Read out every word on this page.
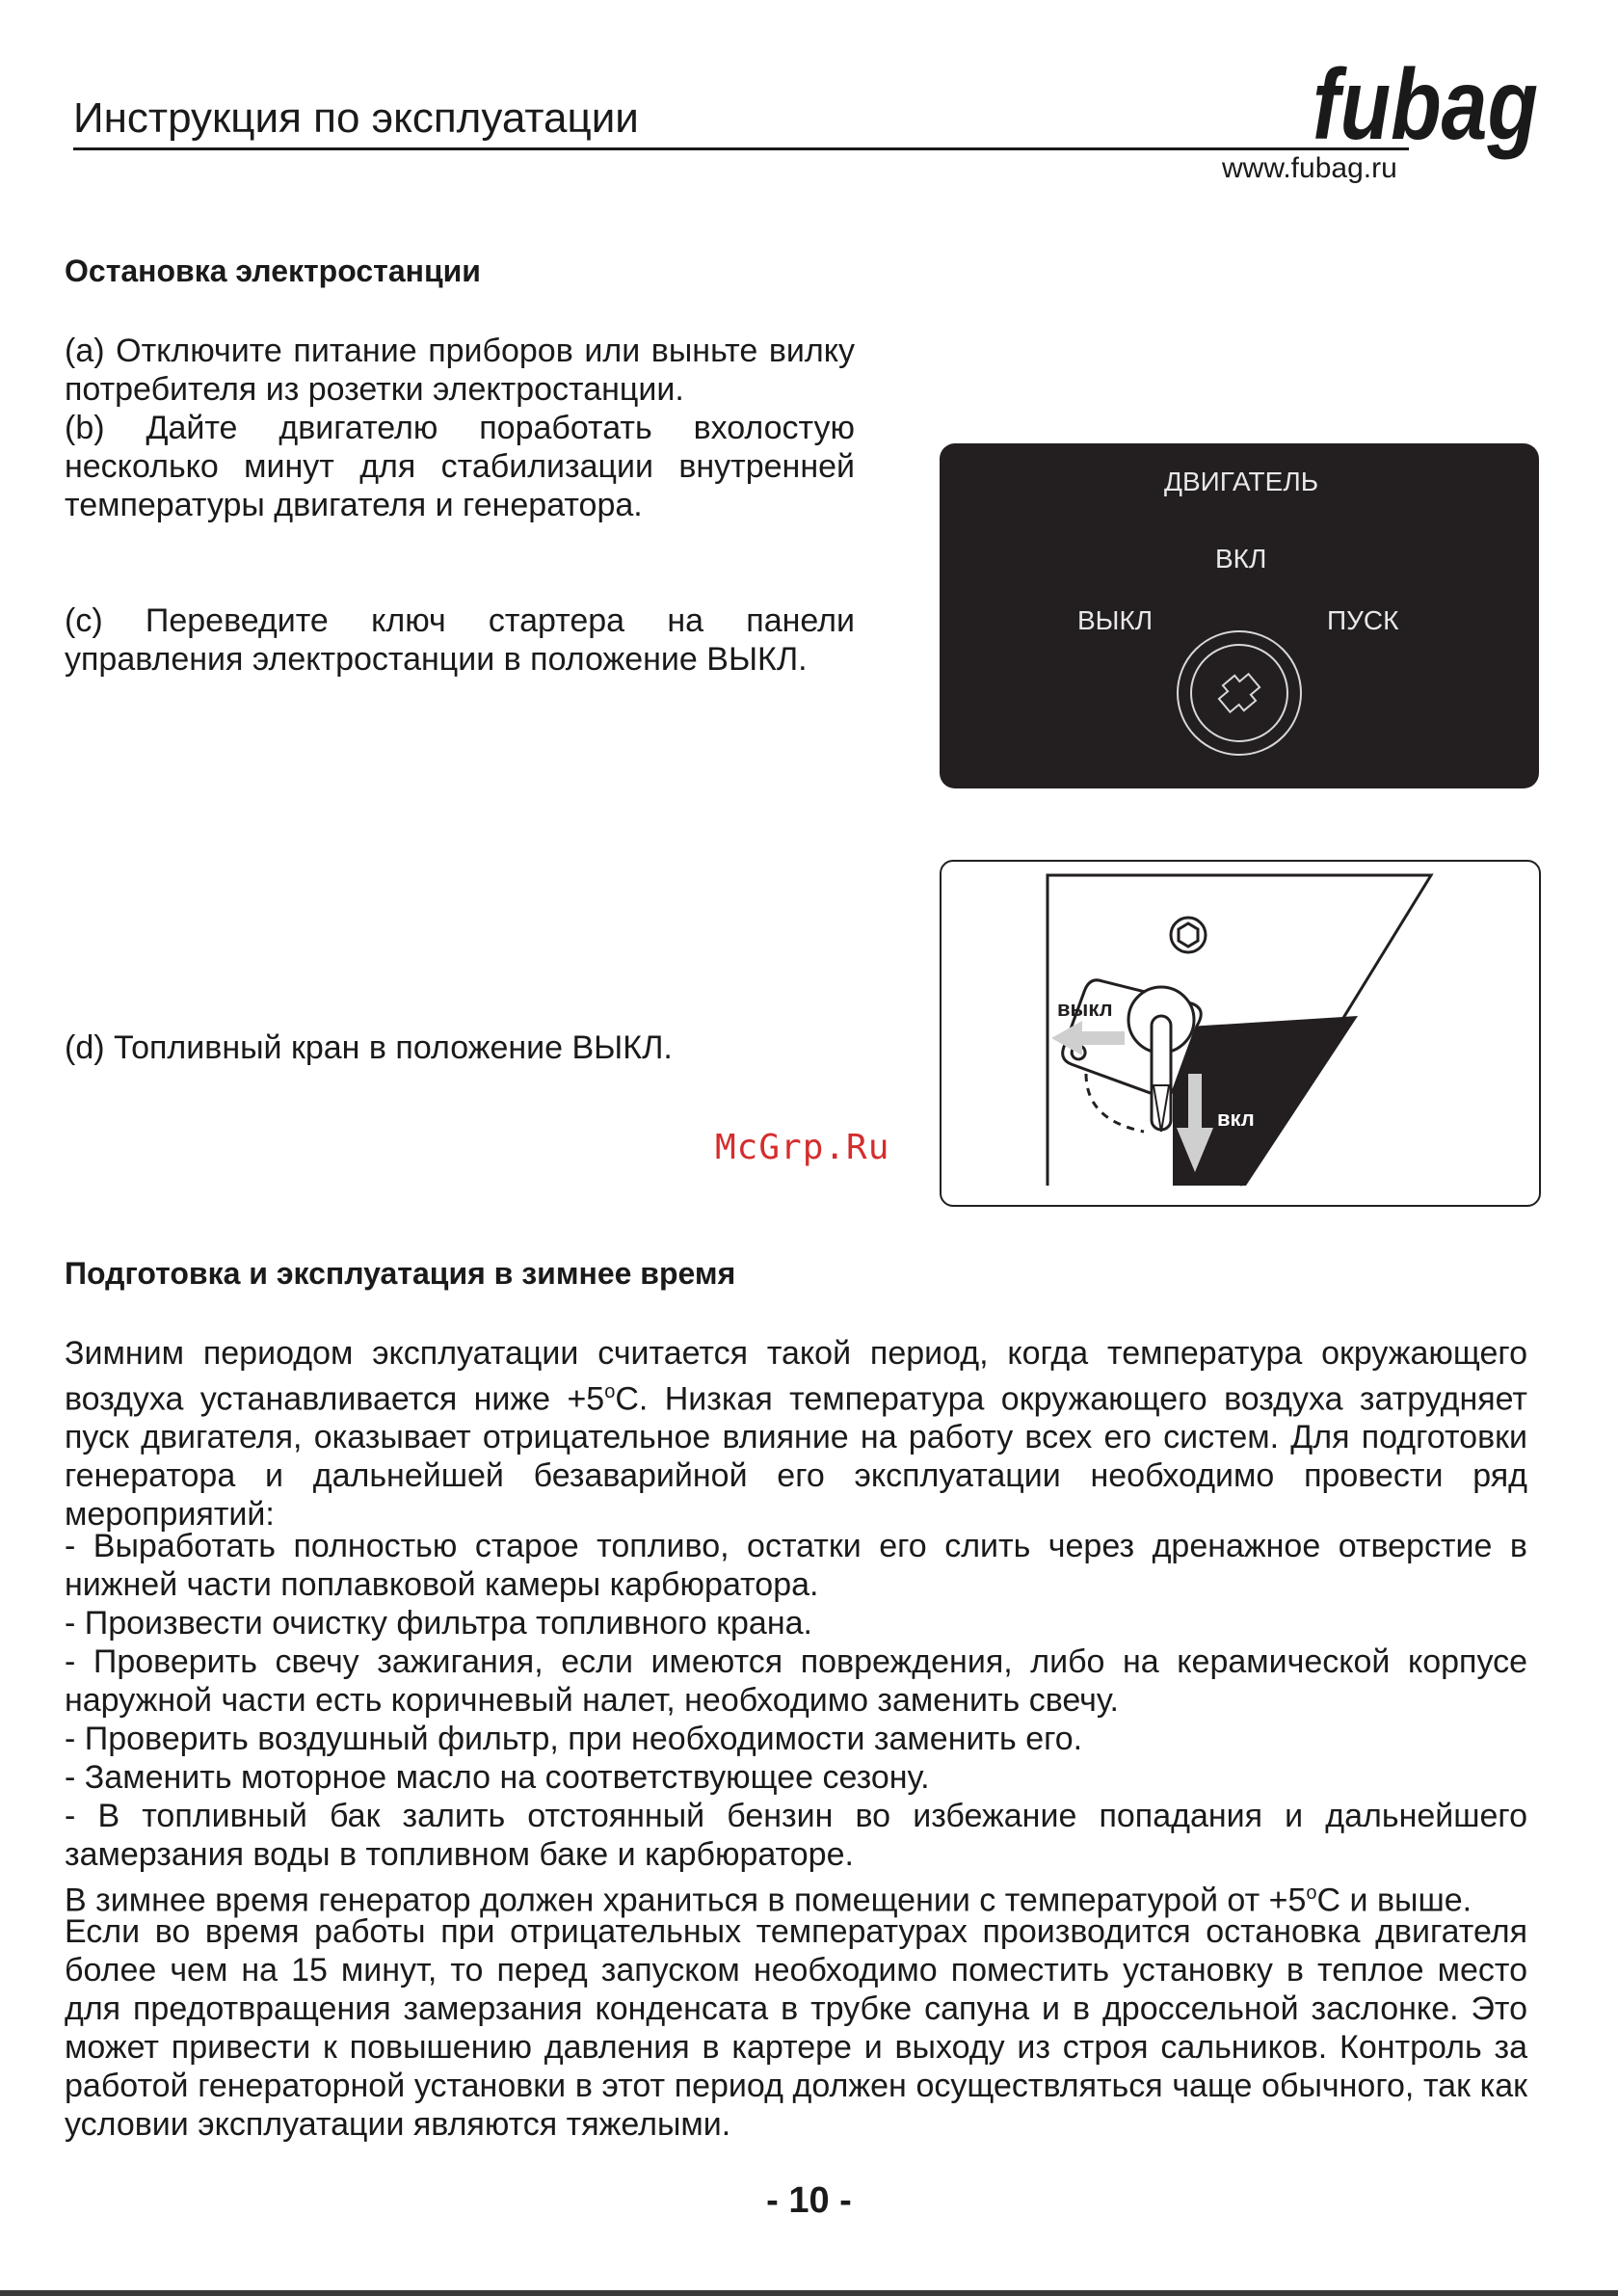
Инструкция по эксплуатации	fubag
www.fubag.ru
Остановка электростанции
(a) Отключите питание приборов или выньте вилку потребителя из розетки электростанции.
(b) Дайте двигателю поработать вхолостую несколько минут для стабилизации внутренней температуры двигателя и генератора.
(c) Переведите ключ стартера на панели управления электростанции в положение ВЫКЛ.
(d) Топливный кран в положение ВЫКЛ.
ДВИГАТЕЛЬ
ВКЛ
ВЫКЛ	ПУСК
выкл
вкл
McGrp.Ru
Подготовка и эксплуатация в зимнее время
Зимним периодом эксплуатации считается такой период, когда температура окружающего воздуха устанавливается ниже $+5^oС$. Низкая температура окружающего воздуха затрудняет пуск двигателя, оказывает отрицательное влияние на работу всех его систем. Для подготовки генератора и дальнейшей безаварийной его эксплуатации необходимо провести ряд мероприятий:
- Выработать полностью старое топливо, остатки его слить через дренажное отверстие в нижней части поплавковой камеры карбюратора.
- Произвести очистку фильтра топливного крана.
- Проверить свечу зажигания, если имеются повреждения, либо на керамической корпусе наружной части есть коричневый налет, необходимо заменить свечу.
- Проверить воздушный фильтр, при необходимости заменить его.
- Заменить моторное масло на соответствующее сезону.
- В топливный бак залить отстоянный бензин во избежание попадания и дальнейшего замерзания воды в топливном баке и карбюраторе.
В зимнее время генератор должен храниться в помещении с температурой от $+5^oС$ и выше.
Если во время работы при отрицательных температурах производится остановка двигателя более чем на 15 минут, то перед запуском необходимо поместить установку в теплое место для предотвращения замерзания конденсата в трубке сапуна и в дроссельной заслонке. Это может привести к повышению давления в картере и выходу из строя сальников. Контроль за работой генераторной установки в этот период должен осуществляться чаще обычного, так как условии эксплуатации являются тяжелыми.
- 10 -
